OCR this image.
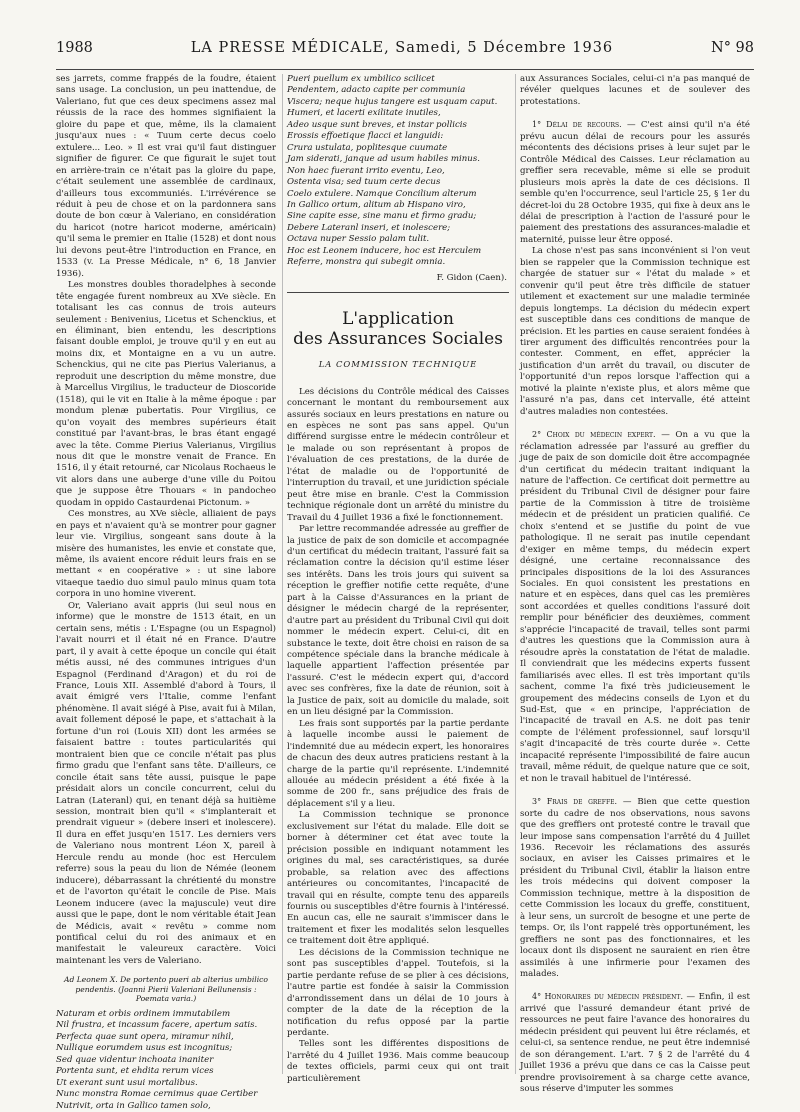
1988	LA PRESSE MÉDICALE, Samedi, 5 Décembre 1936	N° 98

ses jarrets, comme frappés de la foudre, étaient sans usage. La conclusion, un peu inattendue, de Valeriano, fut que ces deux specimens assez mal réussis de la race des hommes signifiaient la gloire du pape et que, même, ils la clamaient jusqu'aux nues : « Tuum certe decus coelo extulere... Leo. » Il est vrai qu'il faut distinguer signifier de figurer. Ce que figurait le sujet tout en arrière-train ce n'était pas la gloire du pape, c'était seulement une assemblée de cardinaux, d'ailleurs tous excommuniés. L'irrévérence se réduit à peu de chose et on la pardonnera sans doute de bon cœur à Valeriano, en considération du haricot (notre haricot moderne, américain) qu'il sema le premier en Italie (1528) et dont nous lui devons peut-être l'introduction en France, en 1533 (v. La Presse Médicale, n° 6, 18 Janvier 1936).

Les monstres doubles thoradelphes à seconde tête engagée furent nombreux au XVe siècle. En totalisant les cas connus de trois auteurs seulement : Benivenius, Licetus et Schenckius, et en éliminant, bien entendu, les descriptions faisant double emploi, je trouve qu'il y en eut au moins dix, et Montaigne en a vu un autre. Schenckius, qui ne cite pas Pierius Valerianus, a reproduit une description du même monstre, due à Marcellus Virgilius, le traducteur de Dioscoride (1518), qui le vit en Italie à la même époque : par mondum plenæ pubertatis. Pour Virgilius, ce qu'on voyait des membres supérieurs était constitué par l'avant-bras, le bras étant engagé avec la tête. Comme Pierius Valerianus, Virgilius nous dit que le monstre venait de France. En 1516, il y était retourné, car Nicolaus Rochaeus le vit alors dans une auberge d'une ville du Poitou que je suppose être Thouars « in pandocheo quodam in oppido Castaurdenai Pictonum. »

Ces monstres, au XVe siècle, alliaient de pays en pays et n'avaient qu'à se montrer pour gagner leur vie. Virgilius, songeant sans doute à la misère des humanistes, les envie et constate que, même, ils avaient encore réduit leurs frais en se mettant « en coopérative » : ut sine labore vitaeque taedio duo simul paulo minus quam tota corpora in uno homine viverent.

Or, Valeriano avait appris (lui seul nous en informe) que le monstre de 1513 était, en un certain sens, métis : L'Espagne (ou un Espagnol) l'avait nourri et il était né en France. D'autre part, il y avait à cette époque un concile qui était métis aussi, né des communes intrigues d'un Espagnol (Ferdinand d'Aragon) et du roi de France, Louis XII. Assemblé d'abord à Tours, il avait émigré vers l'Italie, comme l'enfant phénomène. Il avait siégé à Pise, avait fui à Milan, avait follement déposé le pape, et s'attachait à la fortune d'un roi (Louis XII) dont les armées se faisaient battre : toutes particularités qui montraient bien que ce concile n'était pas plus firmo gradu que l'enfant sans tête. D'ailleurs, ce concile était sans tête aussi, puisque le pape présidait alors un concile concurrent, celui du Latran (Lateranl) qui, en tenant déjà sa huitième session, montrait bien qu'il « s'implanterait et prendrait vigueur » (debere inseri et inolescere). Il dura en effet jusqu'en 1517. Les derniers vers de Valeriano nous montrent Léon X, pareil à Hercule rendu au monde (hoc est Herculem referre) sous la peau du lion de Némée (leonem inducere), débarrassant la chrétienté du monstre et de l'avorton qu'était le concile de Pise. Mais Leonem inducere (avec la majuscule) veut dire aussi que le pape, dont le nom véritable était Jean de Médicis, avait « revêtu » comme nom pontifical celui du roi des animaux et en manifestait le valeureux caractère. Voici maintenant les vers de Valeriano.

Ad Leonem X. De portento pueri ab alterius umbilico pendentis. (Joanni Pierii Valeriani Bellunensis : Poemata varia.)
Naturam et orbis ordinem immutabilem
Nil frustra, et incassum facere, apertum satis.
Perfecta quae sunt opera, miramur nihil,
Nullique eorumdem usus est incognitus;
Sed quae videntur inchoata inaniter
Portenta sunt, et ehdita rerum vices
Ut exerant sunt usui mortalibus.
Nunc monstra Romae cernimus quae Certiber
Nutrivit, orta in Gallico tamen solo,
Pueri puellum ex umbilico scilicet
Pendentem, adacto capite per communia
Viscera; neque hujus tangere est usquam caput.
Humeri, et lacerti exilitate inutiles,
Adeo usque sunt breves, et instar pollicis
Erossis effoetique flacci et languidi:
Crura ustulata, poplitesque cuumate
Jam siderati, janque ad usum habiles minus.
Non haec fuerant irrito eventu, Leo,
Ostenta visa; sed tuum certe decus
Coelo extulere. Namque Concilium alterum
In Gallico ortum, alitum ab Hispano viro,
Sine capite esse, sine manu et firmo gradu;
Debere Lateranl inseri, et inolescere;
Octava nuper Sessio palam tulit.
Hoc est Leonem inducere, hoc est Herculem
Referre, monstra qui subegit omnia.
F. Gidon (Caen).
L'application
des Assurances Sociales
LA COMMISSION TECHNIQUE

Les décisions du Contrôle médical des Caisses concernant le montant du remboursement aux assurés sociaux en leurs prestations en nature ou en espèces ne sont pas sans appel. Qu'un différend surgisse entre le médecin contrôleur et le malade ou son représentant à propos de l'évaluation de ces prestations, de la durée de l'état de maladie ou de l'opportunité de l'interruption du travail, et une juridiction spéciale peut être mise en branle. C'est la Commission technique régionale dont un arrêté du ministre du Travail du 4 Juillet 1936 a fixé le fonctionnement.

Par lettre recommandée adressée au greffier de la justice de paix de son domicile et accompagnée d'un certificat du médecin traitant, l'assuré fait sa réclamation contre la décision qu'il estime léser ses intérêts. Dans les trois jours qui suivent sa réception le greffier notifie cette requête, d'une part à la Caisse d'Assurances en la priant de désigner le médecin chargé de la représenter, d'autre part au président du Tribunal Civil qui doit nommer le médecin expert. Celui-ci, dit en substance le texte, doit être choisi en raison de sa compétence spéciale dans la branche médicale à laquelle appartient l'affection présentée par l'assuré. C'est le médecin expert qui, d'accord avec ses confrères, fixe la date de réunion, soit à la Justice de paix, soit au domicile du malade, soit en un lieu désigné par la Commission.

Les frais sont supportés par la partie perdante à laquelle incombe aussi le paiement de l'indemnité due au médecin expert, les honoraires de chacun des deux autres praticiens restant à la charge de la partie qu'il représente. L'indemnité allouée au médecin président a été fixée à la somme de 200 fr., sans préjudice des frais de déplacement s'il y a lieu.

La Commission technique se prononce exclusivement sur l'état du malade. Elle doit se borner à déterminer cet état avec toute la précision possible en indiquant notamment les origines du mal, ses caractéristiques, sa durée probable, sa relation avec des affections antérieures ou concomitantes, l'incapacité de travail qui en résulte, compte tenu des appareils fournis ou susceptibles d'être fournis à l'intéressé. En aucun cas, elle ne saurait s'immiscer dans le traitement et fixer les modalités selon lesquelles ce traitement doit être appliqué.

Les décisions de la Commission technique ne sont pas susceptibles d'appel. Toutefois, si la partie perdante refuse de se plier à ces décisions, l'autre partie est fondée à saisir la Commission d'arrondissement dans un délai de 10 jours à compter de la date de la réception de la notification du refus opposé par la partie perdante.

Telles sont les différentes dispositions de l'arrêté du 4 Juillet 1936. Mais comme beaucoup de textes officiels, parmi ceux qui ont trait particulièrement

aux Assurances Sociales, celui-ci n'a pas manqué de révéler quelques lacunes et de soulever des protestations.

1° Délai de recours. — C'est ainsi qu'il n'a été prévu aucun délai de recours pour les assurés mécontents des décisions prises à leur sujet par le Contrôle Médical des Caisses. Leur réclamation au greffier sera recevable, même si elle se produit plusieurs mois après la date de ces décisions. Il semble qu'en l'occurrence, seul l'article 25, § 1er du décret-loi du 28 Octobre 1935, qui fixe à deux ans le délai de prescription à l'action de l'assuré pour le paiement des prestations des assurances-maladie et maternité, puisse leur être opposé.

La chose n'est pas sans inconvénient si l'on veut bien se rappeler que la Commission technique est chargée de statuer sur « l'état du malade » et convenir qu'il peut être très difficile de statuer utilement et exactement sur une maladie terminée depuis longtemps. La décision du médecin expert est susceptible dans ces conditions de manque de précision. Et les parties en cause seraient fondées à tirer argument des difficultés rencontrées pour la contester. Comment, en effet, apprécier la justification d'un arrêt du travail, ou discuter de l'opportunité d'un repos lorsque l'affection qui a motivé la plainte n'existe plus, et alors même que l'assuré n'a pas, dans cet intervalle, été atteint d'autres maladies non contestées.

2° Choix du médecin expert. — On a vu que la réclamation adressée par l'assuré au greffier du juge de paix de son domicile doit être accompagnée d'un certificat du médecin traitant indiquant la nature de l'affection. Ce certificat doit permettre au président du Tribunal Civil de désigner pour faire partie de la Commission à titre de troisième médecin et de président un praticien qualifié. Ce choix s'entend et se justifie du point de vue pathologique. Il ne serait pas inutile cependant d'exiger en même temps, du médecin expert désigné, une certaine reconnaissance des principales dispositions de la loi des Assurances Sociales. En quoi consistent les prestations en nature et en espèces, dans quel cas les premières sont accordées et quelles conditions l'assuré doit remplir pour bénéficier des deuxièmes, comment s'apprécie l'incapacité de travail, telles sont parmi d'autres les questions que la Commission aura à résoudre après la constatation de l'état de maladie. Il conviendrait que les médecins experts fussent familiarisés avec elles. Il est très important qu'ils sachent, comme l'a fixé très judicieusement le groupement des médecins conseils de Lyon et du Sud-Est, que « en principe, l'appréciation de l'incapacité de travail en A.S. ne doit pas tenir compte de l'élément professionnel, sauf lorsqu'il s'agit d'incapacité de très courte durée ». Cette incapacité représente l'impossibilité de faire aucun travail, même réduit, de quelque nature que ce soit, et non le travail habituel de l'intéressé.

3° Frais de greffe. — Bien que cette question sorte du cadre de nos observations, nous savons que des greffiers ont protesté contre le travail que leur impose sans compensation l'arrêté du 4 Juillet 1936. Recevoir les réclamations des assurés sociaux, en aviser les Caisses primaires et le président du Tribunal Civil, établir la liaison entre les trois médecins qui doivent composer la Commission technique, mettre à la disposition de cette Commission les locaux du greffe, constituent, à leur sens, un surcroît de besogne et une perte de temps. Or, ils l'ont rappelé très opportunément, les greffiers ne sont pas des fonctionnaires, et les locaux dont ils disposent ne sauraient en rien être assimilés à une infirmerie pour l'examen des malades.

4° Honoraires du médecin président. — Enfin, il est arrivé que l'assuré demandeur étant privé de ressources ne peut faire l'avance des honoraires du médecin président qui peuvent lui être réclamés, et celui-ci, sa sentence rendue, ne peut être indemnisé de son dérangement. L'art. 7 § 2 de l'arrêté du 4 Juillet 1936 a prévu que dans ce cas la Caisse peut prendre provisoirement à sa charge cette avance, sous réserve d'imputer les sommes
